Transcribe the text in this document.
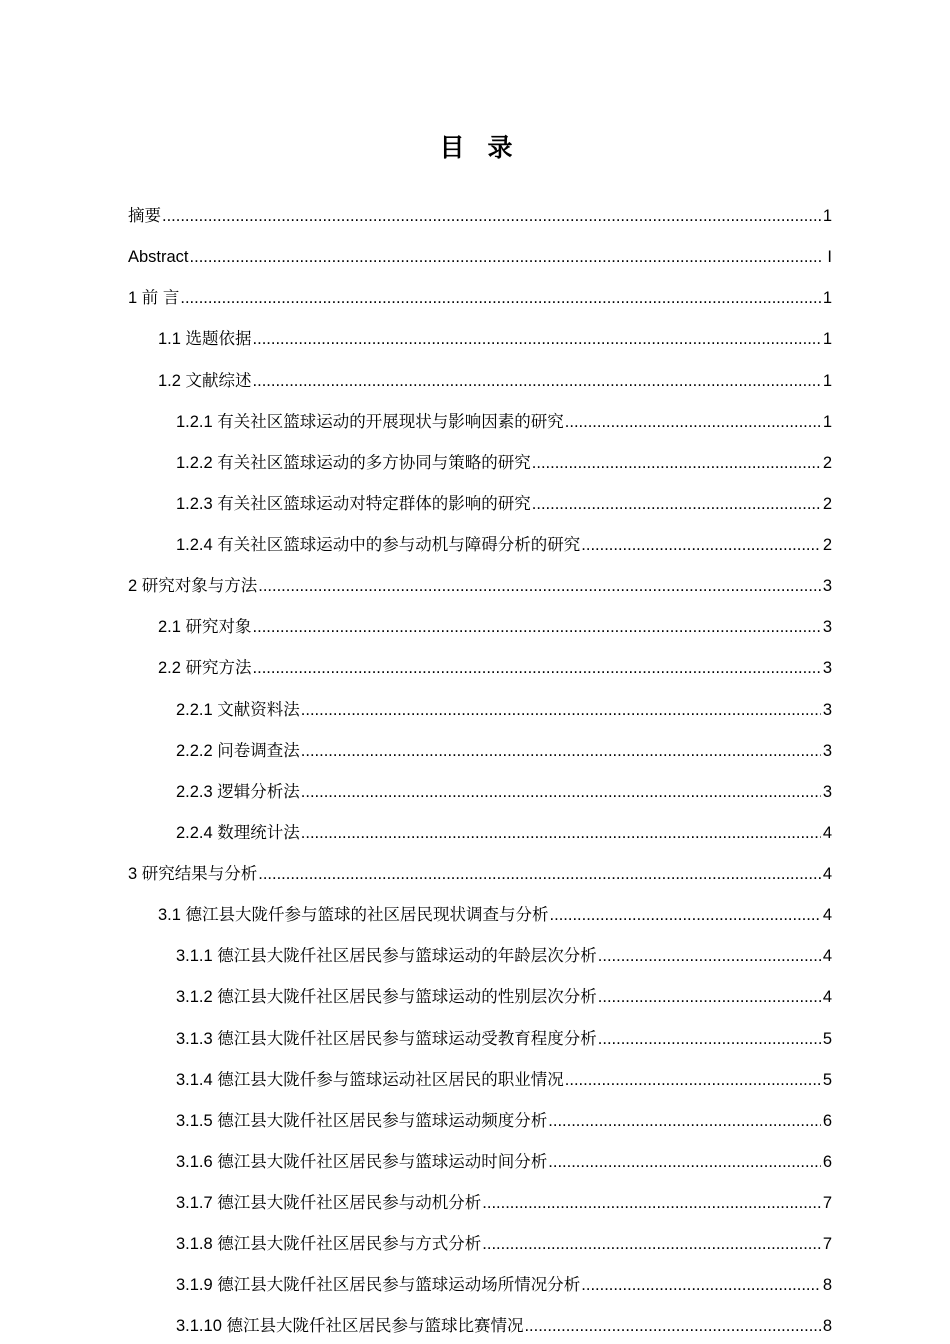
目 录
摘要 .....	1
Abstract .....	I
1 前 言 .....	1
1.1 选题依据 .....	1
1.2 文献综述 .....	1
1.2.1 有关社区篮球运动的开展现状与影响因素的研究 .....	1
1.2.2 有关社区篮球运动的多方协同与策略的研究 .....	2
1.2.3 有关社区篮球运动对特定群体的影响的研究 .....	2
1.2.4 有关社区篮球运动中的参与动机与障碍分析的研究 .....	2
2 研究对象与方法 .....	3
2.1 研究对象 .....	3
2.2 研究方法 .....	3
2.2.1 文献资料法 .....	3
2.2.2 问卷调查法 .....	3
2.2.3 逻辑分析法 .....	3
2.2.4 数理统计法 .....	4
3 研究结果与分析 .....	4
3.1 德江县大陇仟参与篮球的社区居民现状调查与分析 .....	4
3.1.1 德江县大陇仟社区居民参与篮球运动的年龄层次分析 .....	4
3.1.2 德江县大陇仟社区居民参与篮球运动的性别层次分析 .....	4
3.1.3 德江县大陇仟社区居民参与篮球运动受教育程度分析 .....	5
3.1.4 德江县大陇仟参与篮球运动社区居民的职业情况 .....	5
3.1.5 德江县大陇仟社区居民参与篮球运动频度分析 .....	6
3.1.6 德江县大陇仟社区居民参与篮球运动时间分析 .....	6
3.1.7 德江县大陇仟社区居民参与动机分析 .....	7
3.1.8 德江县大陇仟社区居民参与方式分析 .....	7
3.1.9 德江县大陇仟社区居民参与篮球运动场所情况分析 .....	8
3.1.10 德江县大陇仟社区居民参与篮球比赛情况 .....	8
